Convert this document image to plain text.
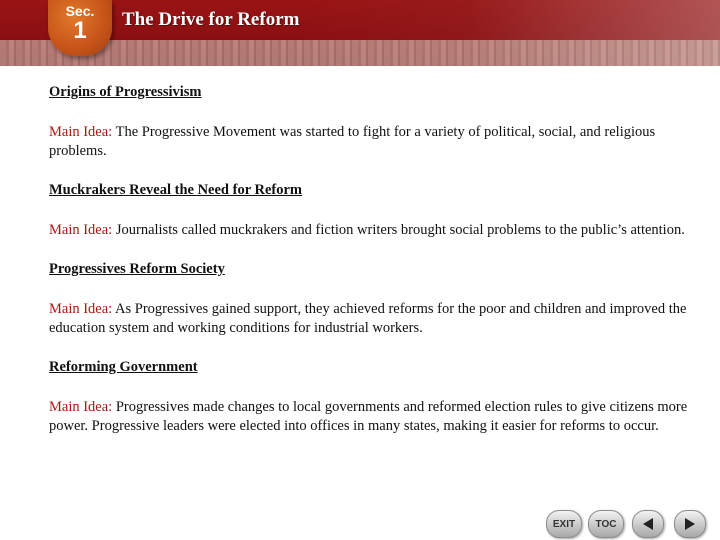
Sec.
1	The Drive for Reform

Origins of Progressivism

Main Idea: The Progressive Movement was started to fight for a variety of political, social, and religious problems.

Muckrakers Reveal the Need for Reform

Main Idea: Journalists called muckrakers and fiction writers brought social problems to the public’s attention.

Progressives Reform Society

Main Idea: As Progressives gained support, they achieved reforms for the poor and children and improved the education system and working conditions for industrial workers.

Reforming Government

Main Idea: Progressives made changes to local governments and reformed election rules to give citizens more power. Progressive leaders were elected into offices in many states, making it easier for reforms to occur.

EXIT	TOC
